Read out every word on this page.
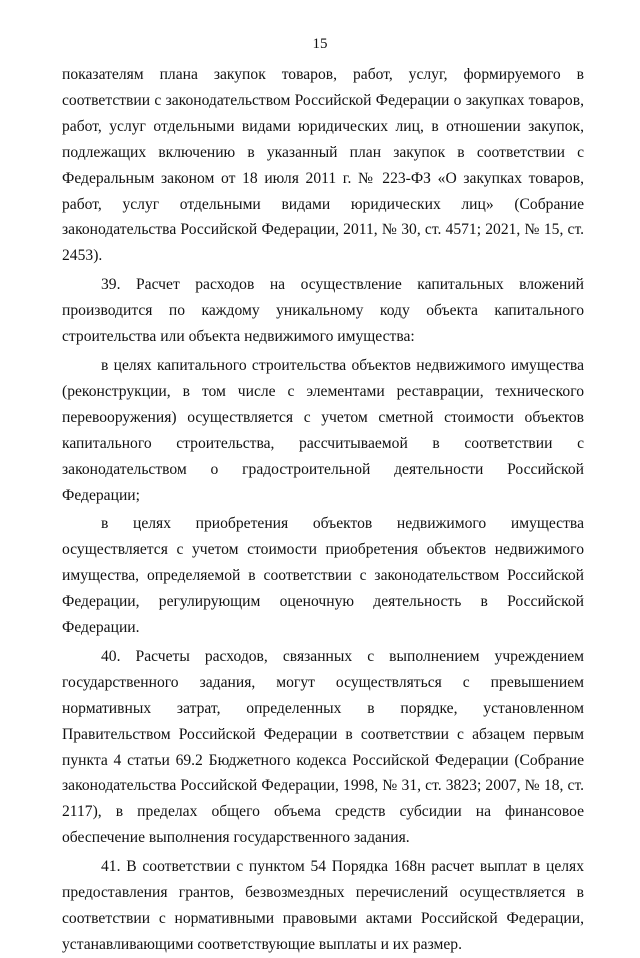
15

показателям плана закупок товаров, работ, услуг, формируемого в соответствии с законодательством Российской Федерации о закупках товаров, работ, услуг отдельными видами юридических лиц, в отношении закупок, подлежащих включению в указанный план закупок в соответствии с Федеральным законом от 18 июля 2011 г. № 223-ФЗ «О закупках товаров, работ, услуг отдельными видами юридических лиц» (Собрание законодательства Российской Федерации, 2011, № 30, ст. 4571; 2021, № 15, ст. 2453).

39. Расчет расходов на осуществление капитальных вложений производится по каждому уникальному коду объекта капитального строительства или объекта недвижимого имущества:

в целях капитального строительства объектов недвижимого имущества (реконструкции, в том числе с элементами реставрации, технического перевооружения) осуществляется с учетом сметной стоимости объектов капитального строительства, рассчитываемой в соответствии с законодательством о градостроительной деятельности Российской Федерации;

в целях приобретения объектов недвижимого имущества осуществляется с учетом стоимости приобретения объектов недвижимого имущества, определяемой в соответствии с законодательством Российской Федерации, регулирующим оценочную деятельность в Российской Федерации.

40. Расчеты расходов, связанных с выполнением учреждением государственного задания, могут осуществляться с превышением нормативных затрат, определенных в порядке, установленном Правительством Российской Федерации в соответствии с абзацем первым пункта 4 статьи 69.2 Бюджетного кодекса Российской Федерации (Собрание законодательства Российской Федерации, 1998, № 31, ст. 3823; 2007, № 18, ст. 2117), в пределах общего объема средств субсидии на финансовое обеспечение выполнения государственного задания.

41. В соответствии с пунктом 54 Порядка 168н расчет выплат в целях предоставления грантов, безвозмездных перечислений осуществляется в соответствии с нормативными правовыми актами Российской Федерации, устанавливающими соответствующие выплаты и их размер.
